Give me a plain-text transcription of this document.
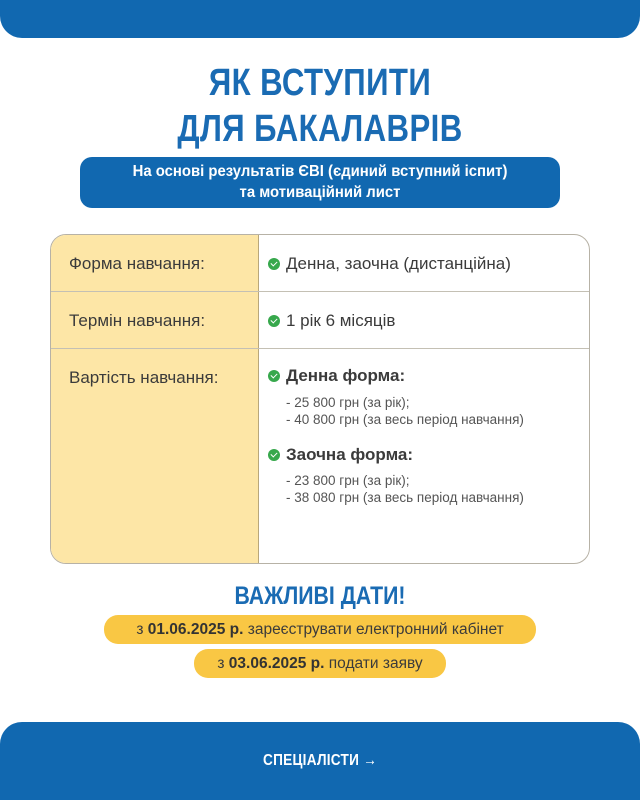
ЯК ВСТУПИТИ
ДЛЯ БАКАЛАВРІВ
На основі результатів ЄВІ (єдиний вступний іспит)
та мотиваційний лист
Форма навчання:	Денна, заочна (дистанційна)
Термін навчання:	1 рік 6 місяців
Вартість навчання:	Денна форма:
- 25 800 грн (за рік);
- 40 800 грн (за весь період навчання)
Заочна форма:
- 23 800 грн (за рік);
- 38 080 грн (за весь період навчання)
ВАЖЛИВІ ДАТИ!
з 01.06.2025 р. зареєструвати електронний кабінет
з 03.06.2025 р. подати заяву
СПЕЦІАЛІСТИ →
